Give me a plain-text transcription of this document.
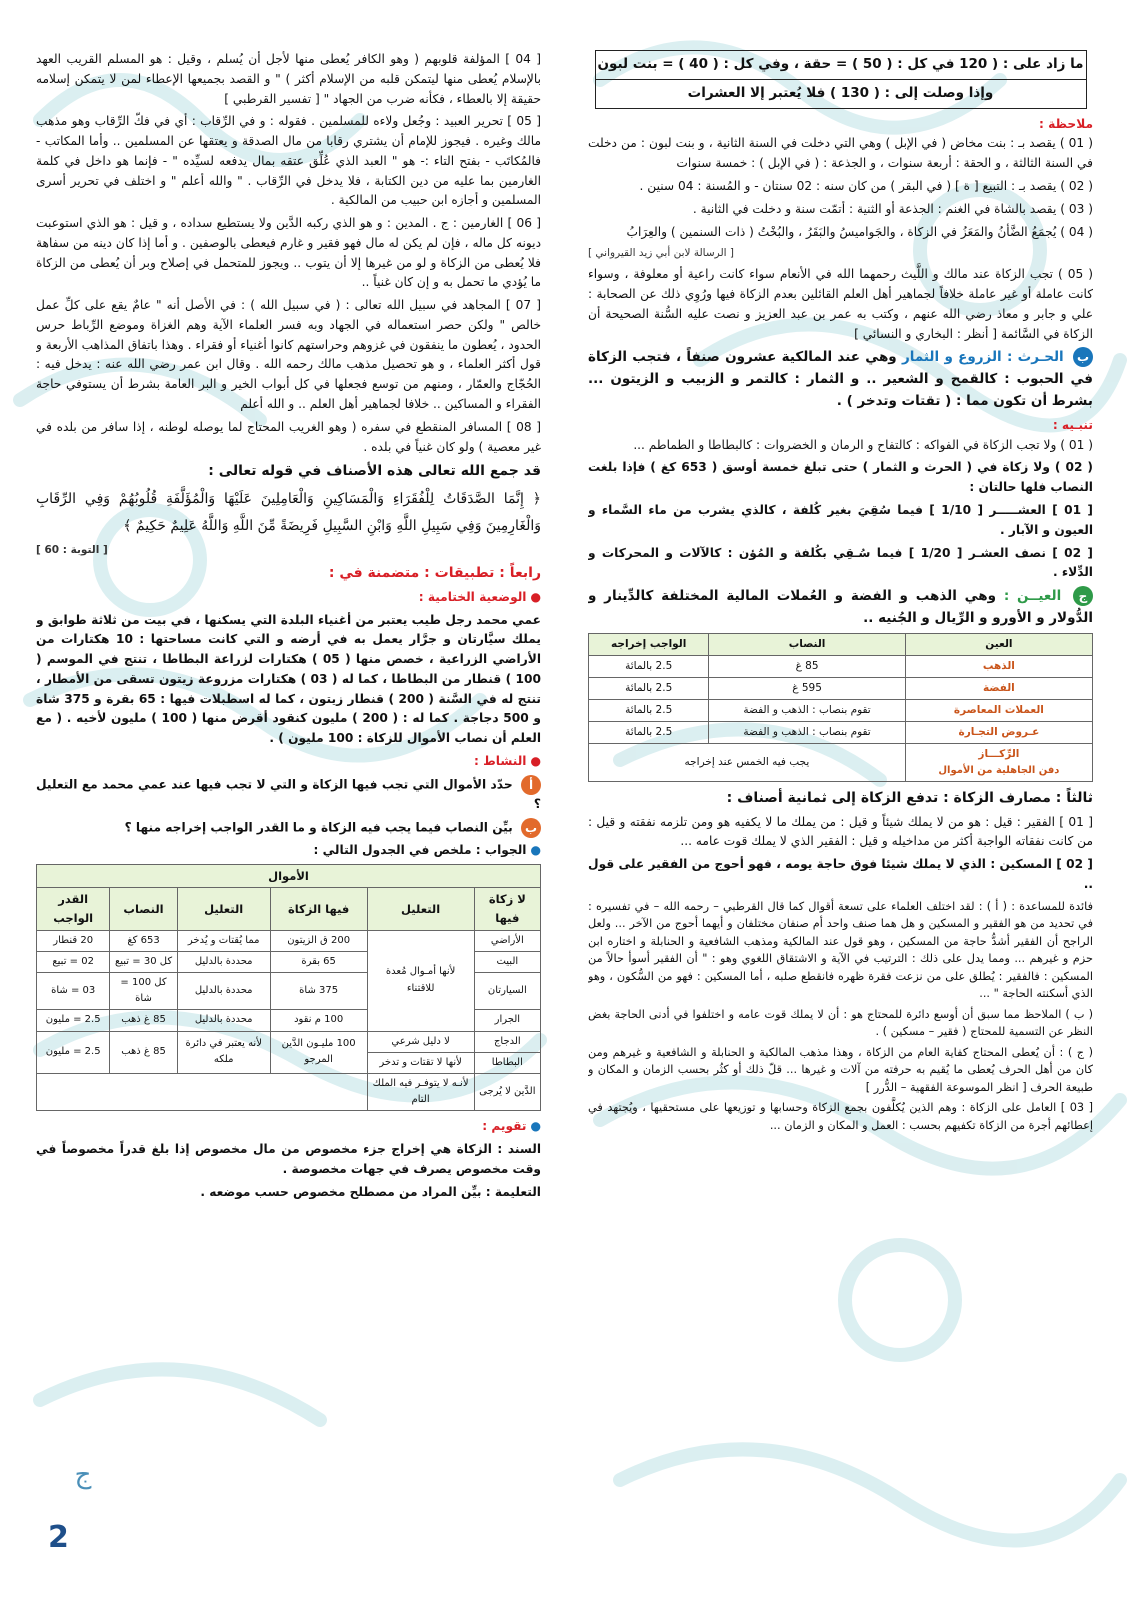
ما زاد على : ( 120 في كل : ( 50 ) = حقة ، وفي كل : ( 40 ) = بنت لبون
وإذا وصلت إلى : ( 130 ) فلا يُعتبر إلا العشرات
ملاحظة :

( 01 ) يقصد بـ : بنت مخاض ( في الإبل ) وهي التي دخلت في السنة الثانية ، و بنت لبون : من دخلت في السنة الثالثة ، و الحقة : أربعة سنوات ، و الجذعة : ( في الإبل ) : خمسة سنوات

( 02 ) يقصد بـ : التبيع [ ة ] ( في البقر ) من كان سنه : 02 سنتان - و المُسنة : 04 سنين .

( 03 ) يقصد بالشاة في الغنم : الجذعة أو الثنية : أتمّت سنة و دخلت في الثانية .

( 04 ) يُجمَعُ الضَّأنُ والمَعَزُ في الزكاة ، والجَواميسُ والبَقَرُ ، والبُخْتُ ( ذات السنمين ) والعِرَابُ

[ الرسالة لابن أبي زيد القيرواني ]

( 05 ) تجب الزكاة عند مالك و اللَّيث رحمهما الله في الأنعام سواء كانت راعية أو معلوفة ، وسواء كانت عاملة أو غير عاملة خلافاً لجماهير أهل العلم القائلين بعدم الزكاة فيها ورُوِي ذلك عن الصحابة : علي و جابر و معاذ رضي الله عنهم ، وكتب به عمر بن عبد العزيز و نصت عليه السُّنة الصحيحة أن الزكاة في السَّائمة [ أنظر : البخاري و النسائي ]

ب الحـرث : الزروع و الثمار وهي عند المالكية عشرون صنفاً ، فتجب الزكاة في الحبوب : كالقمح و الشعير .. و الثمار : كالتمر و الزبيب و الزيتون ... بشرط أن تكون مما : ( تقتات وتدخر ) .

تنبـيه :

( 01 ) ولا تجب الزكاة في الفواكه : كالتفاح و الرمان و الخضروات : كالبطاطا و الطماطم ...

( 02 ) ولا زكاة في ( الحرث و الثمار ) حتى تبلغ خمسة أوسق ( 653 كغ ) فإذا بلغت النصاب فلها حالتان :

[ 01 ] العشـــــر [ 1/10 ] فيما سُقِيَ بغير كُلفة ، كالذي يشرب من ماء السَّماء و العيون و الآبار .

[ 02 ] نصف العشـر [ 1/20 ] فيما سُـقِي بكُلفة و المُؤن : كالآلات و المحركات و الدِّلاء .

ج العيــن : وهي الذهب و الفضة و العُملات المالية المختلفة كالدِّينار و الدُّولار و الأورو و الرِّيال و الجُنيه ..

العين	النصاب	الواجب إخراجه
الذهب	85 غ	2.5 بالمائة
الفضة	595 غ	2.5 بالمائة
العملات المعاصرة	تقوم بنصاب : الذهب و الفضة	2.5 بالمائة
عـروض التجـارة	تقوم بنصاب : الذهب و الفضة	2.5 بالمائة

الرِّكـــاز
دفن الجاهلية من الأموال	يجب فيه الخمس عند إخراجه	

ثالثاً : مصارف الزكاة : تدفع الزكاة إلى ثمانية أصناف :

[ 01 ] الفقير : قيل : هو من لا يملك شيئاً و قيل : من يملك ما لا يكفيه هو ومن تلزمه نفقته و قيل : من كانت نفقاته الواجبة أكثر من مداخيله و قيل : الفقير الذي لا يملك قوت عامه ...

[ 02 ] المسكين : الذي لا يملك شيئا فوق حاجة يومه ، فهو أحوج من الفقير على قول ..

فائدة للمساعدة : ( أ ) : لقد اختلف العلماء على تسعة أقوال كما قال القرطبي – رحمه الله – في تفسيره : في تحديد من هو الفقير و المسكين و هل هما صنف واحد أم صنفان مختلفان و أيهما أحوج من الآخر ... ولعل الراجح أن الفقير أشدُّ حاجة من المسكين ، وهو قول عند المالكية ومذهب الشافعية و الحنابلة و اختاره ابن حزم و غيرهم ... ومما يدل على ذلك : الترتيب في الآية و الاشتقاق اللغوي وهو : " أن الفقير أسوأ حالاً من المسكين : فالفقير : يُطلق على من نزعت فقرة ظهره فانقطع صلبه ، أما المسكين : فهو من السُّكون ، وهو الذي أسكنته الحاجة " ...

( ب ) الملاحظ مما سبق أن أوسع دائرة للمحتاج هو : أن لا يملك قوت عامه و اختلفوا في أدنى الحاجة بغض النظر عن التسمية للمحتاج ( فقير – مسكين ) .

( ج ) : أن يُعطى المحتاج كفاية العام من الزكاة ، وهذا مذهب المالكية و الحنابلة و الشافعية و غيرهم ومن كان من أهل الحرف يُعطى ما يُقيم به حرفته من آلات و غيرها ... قلّ ذلك أو كثُر بحسب الزمان و المكان و طبيعة الحرف [ انظر الموسوعة الفقهية – الدُّرر ]

[ 03 ] العامل على الزكاة : وهم الذين يُكلَّفون بجمع الزكاة وحسابها و توزيعها على مستحقيها ، ويُجتهد في إعطائهم أجرة من الزكاة تكفيهم بحسب : العمل و المكان و الزمان ...

[ 04 ] المؤلفة قلوبهم ( وهو الكافر يُعطى منها لأجل أن يُسلم ، وقيل : هو المسلم القريب العهد بالإسلام يُعطى منها ليتمكن قلبه من الإسلام أكثر ) " و القصد بجميعها الإعطاء لمن لا يتمكن إسلامه حقيقة إلا بالعطاء ، فكأنه ضرب من الجهاد " [ تفسير القرطبي ]

[ 05 ] تحرير العبيد : وجُعل ولاءه للمسلمين . فقوله : و في الرِّقاب : أي في فكّ الرِّقاب وهو مذهب مالك وغيره . فيجوز للإمام أن يشتري رقابا من مال الصدقة و يعتقها عن المسلمين .. وأما المكاتب - فالمُكاتَب - بفتح التاء :- هو " العبد الذي عُلِّق عتقه بمال يدفعه لسيِّده " - فإنما هو داخل في كلمة الغارمين بما عليه من دين الكتابة ، فلا يدخل في الرِّقاب . " والله أعلم " و اختلف في تحرير أسرى المسلمين و أجازه ابن حبيب من المالكية .

[ 06 ] الغارمين : ج . المدين : و هو الذي ركبه الدَّين ولا يستطيع سداده ، و قيل : هو الذي استوعبت ديونه كل ماله ، فإن لم يكن له مال فهو فقير و غارم فيعطى بالوصفين . و أما إذا كان دينه من سفاهة فلا يُعطى من الزكاة و لو من غيرها إلا أن يتوب .. ويجوز للمتحمل في إصلاح وبر أن يُعطى من الزكاة ما يُؤدي ما تحمل به و إن كان غنياً ..

[ 07 ] المجاهد في سبيل الله تعالى : ( في سبيل الله ) : في الأصل أنه " عامٌ يقع على كلِّ عمل خالص " ولكن حصر استعماله في الجهاد وبه فسر العلماء الآية وهم الغزاة وموضع الرِّباط حرس الحدود ، يُعطون ما ينفقون في غزوهم وحراستهم كانوا أغنياء أو فقراء . وهذا باتفاق المذاهب الأربعة و قول أكثر العلماء ، و هو تحصيل مذهب مالك رحمه الله . وقال ابن عمر رضي الله عنه : يدخل فيه : الحُجّاج والعمّار ، ومنهم من توسع فجعلها في كل أبواب الخير و البر العامة بشرط أن يستوفي حاجة الفقراء و المساكين .. خلافا لجماهير أهل العلم .. و الله أعلم

[ 08 ] المسافر المنقطع في سفره ( وهو الغريب المحتاج لما يوصله لوطنه ، إذا سافر من بلده في غير معصية ) ولو كان غنياً في بلده .

قد جمع الله تعالى هذه الأصناف في قوله تعالى :

﴿ إِنَّمَا الصَّدَقَاتُ لِلْفُقَرَاءِ وَالْمَسَاكِينِ وَالْعَامِلِينَ عَلَيْهَا وَالْمُؤَلَّفَةِ قُلُوبُهُمْ وَفِي الرِّقَابِ وَالْغَارِمِينَ وَفِي سَبِيلِ اللَّهِ وَابْنِ السَّبِيلِ فَرِيضَةً مِّنَ اللَّهِ وَاللَّهُ عَلِيمٌ حَكِيمٌ ﴾

[ التوبة : 60 ]

رابعاً : تطبيقات : متضمنة في :

● الوضعية الختامية :

عمي محمد رجل طيب يعتبر من أغنياء البلدة التي يسكنها ، في بيت من ثلاثة طوابق و يملك سيَّارتان و جرَّار يعمل به في أرضه و التي كانت مساحتها : 10 هكتارات من الأراضي الزراعية ، خصص منها ( 05 ) هكتارات لزراعة البطاطا ، تنتج في الموسم ( 100 ) قنطار من البطاطا ، كما له ( 03 ) هكتارات مزروعة زيتون تسقى من الأمطار ، تنتج له في السَّنة ( 200 ) قنطار زيتون ، كما له اسطبلات فيها : 65 بقرة و 375 شاة و 500 دجاجة . كما له : ( 200 ) مليون كنقود أقرض منها ( 100 ) مليون لأخيه . ( مع العلم أن نصاب الأموال للزكاة : 100 مليون ) .

● النشاط :

أ حدّد الأموال التي تجب فيها الزكاة و التي لا تجب فيها عند عمي محمد مع التعليل ؟

ب بيِّن النصاب فيما يجب فيه الزكاة و ما القدر الواجب إخراجه منها ؟

● الجواب : ملخص في الجدول التالي :

الأموال					
لا زكاة فيها	التعليل	فيها الزكاة	التعليل	النصاب	القدر الواجب
الأراضي	لأنها أمـوال مُعدة للاقتناء	200 ق الزيتون	مما يُقتات و يُدخر	653 كغ	20 قنطار
البيت		65 بقرة	محددة بالدليل	كل 30 = تبيع	02 = تبيع
السيارتان		375 شاة	محددة بالدليل	كل 100 = شاة	03 = شاة
الجرار		100 م نقود	محددة بالدليل	85 غ ذهب	2.5 = مليون
الدجاج	لا دليل شرعي	100 مليـون الدَّين المرجو	لأنه يعتبر في دائرة ملكه	85 غ ذهب	2.5 = مليون
البطاطا	لأنها لا تقتات و تدخر				
الدَّين لا يُرجى	لأنـه لا يتوفـر فيه الملك التام				

● تقويم :

السند : الزكاة هي إخراج جزء مخصوص من مال مخصوص إذا بلغ قدراً مخصوصاً في وقت مخصوص يصرف في جهات مخصوصة .

التعليمة : بيِّن المراد من مصطلح مخصوص حسب موضعه .

ج
2
